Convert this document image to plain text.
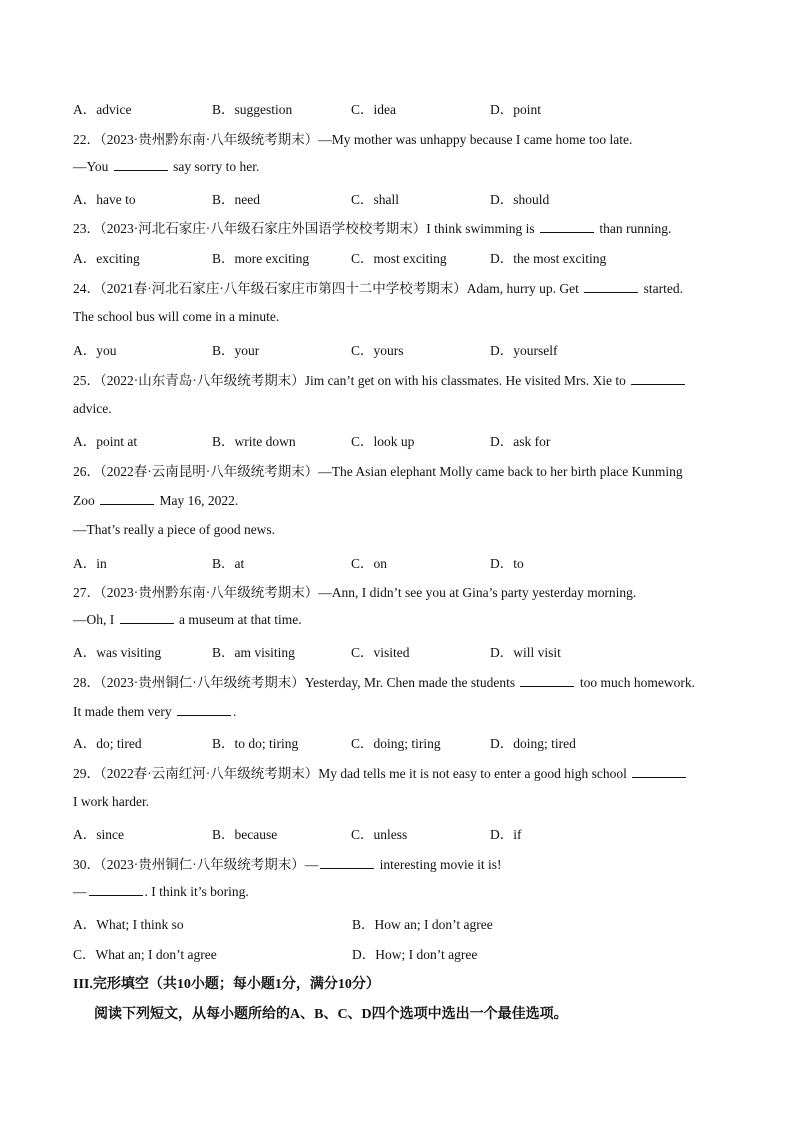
A．advice	B．suggestion	C．idea	D．point
22．（2023·贵州黔东南·八年级统考期末）—My mother was unhappy because I came home too late.
—You	say sorry to her.
A．have to	B．need	C．shall	D．should
23．（2023·河北石家庄·八年级石家庄外国语学校校考期末）I think swimming is	than running.
A．exciting	B．more exciting	C．most exciting	D．the most exciting
24．（2021春·河北石家庄·八年级石家庄市第四十二中学校考期末）Adam, hurry up. Get	started.
The school bus will come in a minute.
A．you	B．your	C．yours	D．yourself
25．（2022·山东青岛·八年级统考期末）Jim can’t get on with his classmates. He visited Mrs. Xie to
advice.
A．point at	B．write down	C．look up	D．ask for
26．（2022春·云南昆明·八年级统考期末）—The Asian elephant Molly came back to her birth place Kunming
Zoo	May 16, 2022.
—That’s really a piece of good news.
A．in	B．at	C．on	D．to
27．（2023·贵州黔东南·八年级统考期末）—Ann, I didn’t see you at Gina’s party yesterday morning.
—Oh, I	a museum at that time.
A．was visiting	B．am visiting	C．visited	D．will visit
28．（2023·贵州铜仁·八年级统考期末）Yesterday, Mr. Chen made the students	too much homework.
It made them very	.
A．do; tired	B．to do; tiring	C．doing; tiring	D．doing; tired
29．（2022春·云南红河·八年级统考期末）My dad tells me it is not easy to enter a good high school
I work harder.
A．since	B．because	C．unless	D．if
30．（2023·贵州铜仁·八年级统考期末）—	interesting movie it is!
—	. I think it’s boring.
A．What; I think so	B．How an; I don’t agree
C．What an; I don’t agree	D．How; I don’t agree
III.完形填空（共10小题；每小题1分，满分10分）
阅读下列短文，从每小题所给的A、B、C、D四个选项中选出一个最佳选项。
